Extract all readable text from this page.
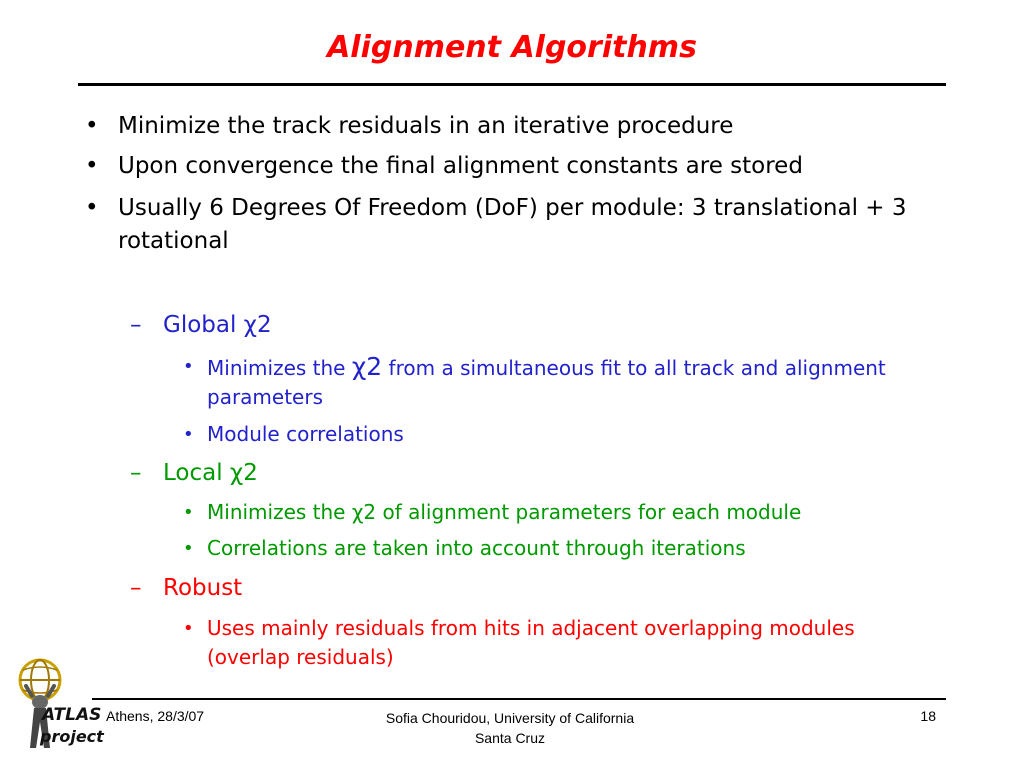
Alignment Algorithms
• Minimize the track residuals in an iterative procedure
• Upon convergence the final alignment constants are stored
• Usually 6 Degrees Of Freedom (DoF) per module: 3 translational + 3 rotational
– Global χ2
• Minimizes the χ2 from a simultaneous fit to all track and alignment parameters
• Module correlations
– Local χ2
• Minimizes the χ2 of alignment parameters for each module
• Correlations are taken into account through iterations
– Robust
• Uses mainly residuals from hits in adjacent overlapping modules (overlap residuals)
ATLAS
project
Athens, 28/3/07	Sofia Chouridou, University of California
Santa Cruz
18
